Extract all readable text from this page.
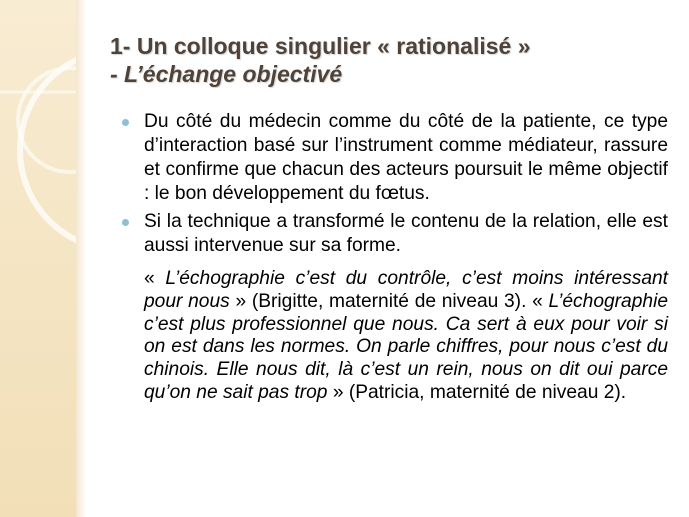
1- Un colloque singulier « rationalisé »

- L’échange objectivé

Du côté du médecin comme du côté de la patiente, ce type d’interaction basé sur l’instrument comme médiateur, rassure et confirme que chacun des acteurs poursuit le même objectif : le bon développement du fœtus.

Si la technique a transformé le contenu de la relation, elle est aussi intervenue sur sa forme.

« L’échographie c’est du contrôle, c’est moins intéressant pour nous » (Brigitte, maternité de niveau 3). « L’échographie c’est plus professionnel que nous. Ca sert à eux pour voir si on est dans les normes. On parle chiffres, pour nous c’est du chinois. Elle nous dit, là c’est un rein, nous on dit oui parce qu’on ne sait pas trop » (Patricia, maternité de niveau 2).
